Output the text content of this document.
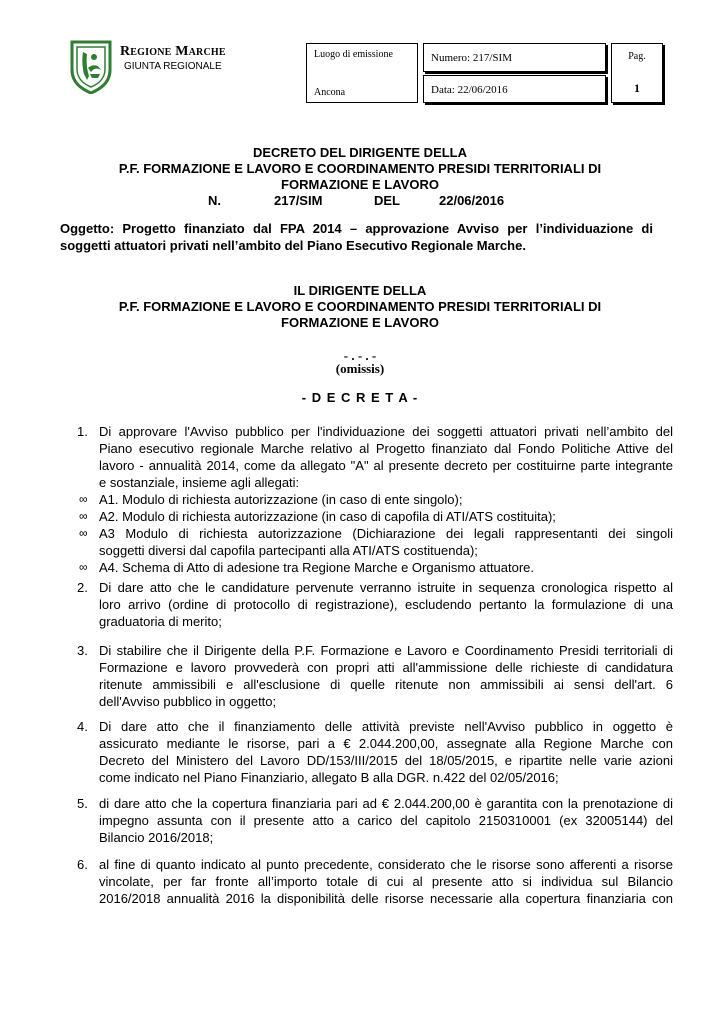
Regione Marche
GIUNTA REGIONALE
Luogo di emissione
Ancona
Numero: 217/SIM
Data: 22/06/2016
Pag.
1
DECRETO DEL DIRIGENTE DELLA
P.F. FORMAZIONE E LAVORO E COORDINAMENTO PRESIDI TERRITORIALI DI
FORMAZIONE E LAVORO
N.	217/SIM	DEL	22/06/2016
Oggetto: Progetto finanziato dal FPA 2014 – approvazione Avviso per l’individuazione di
soggetti attuatori privati nell’ambito del Piano Esecutivo Regionale Marche.
IL DIRIGENTE DELLA
P.F. FORMAZIONE E LAVORO E COORDINAMENTO PRESIDI TERRITORIALI DI
FORMAZIONE E LAVORO
- . - . -
(omissis)
- D E C R E T A -
1. Di approvare l'Avviso pubblico per l'individuazione dei soggetti attuatori privati nell’ambito del
Piano esecutivo regionale Marche relativo al Progetto finanziato dal Fondo Politiche Attive del
lavoro - annualità 2014, come da allegato "A" al presente decreto per costituirne parte integrante
e sostanziale, insieme agli allegati:
∞ A1. Modulo di richiesta autorizzazione (in caso di ente singolo);
∞ A2. Modulo di richiesta autorizzazione (in caso di capofila di ATI/ATS costituita);
∞ A3 Modulo di richiesta autorizzazione (Dichiarazione dei legali rappresentanti dei singoli
soggetti diversi dal capofila partecipanti alla ATI/ATS costituenda);
∞ A4. Schema di Atto di adesione tra Regione Marche e Organismo attuatore.
2. Di dare atto che le candidature pervenute verranno istruite in sequenza cronologica rispetto al
loro arrivo (ordine di protocollo di registrazione), escludendo pertanto la formulazione di una
graduatoria di merito;
3. Di stabilire che il Dirigente della P.F. Formazione e Lavoro e Coordinamento Presidi territoriali di
Formazione e lavoro provvederà con propri atti all'ammissione delle richieste di candidatura
ritenute ammissibili e all'esclusione di quelle ritenute non ammissibili ai sensi dell'art. 6
dell'Avviso pubblico in oggetto;
4. Di dare atto che il finanziamento delle attività previste nell'Avviso pubblico in oggetto è
assicurato mediante le risorse, pari a € 2.044.200,00, assegnate alla Regione Marche con
Decreto del Ministero del Lavoro DD/153/III/2015 del 18/05/2015, e ripartite nelle varie azioni
come indicato nel Piano Finanziario, allegato B alla DGR. n.422 del 02/05/2016;
5. di dare atto che la copertura finanziaria pari ad € 2.044.200,00 è garantita con la prenotazione di
impegno assunta con il presente atto a carico del capitolo 2150310001 (ex 32005144) del
Bilancio 2016/2018;
6. al fine di quanto indicato al punto precedente, considerato che le risorse sono afferenti a risorse
vincolate, per far fronte all’importo totale di cui al presente atto si individua sul Bilancio
2016/2018 annualità 2016 la disponibilità delle risorse necessarie alla copertura finanziaria con
